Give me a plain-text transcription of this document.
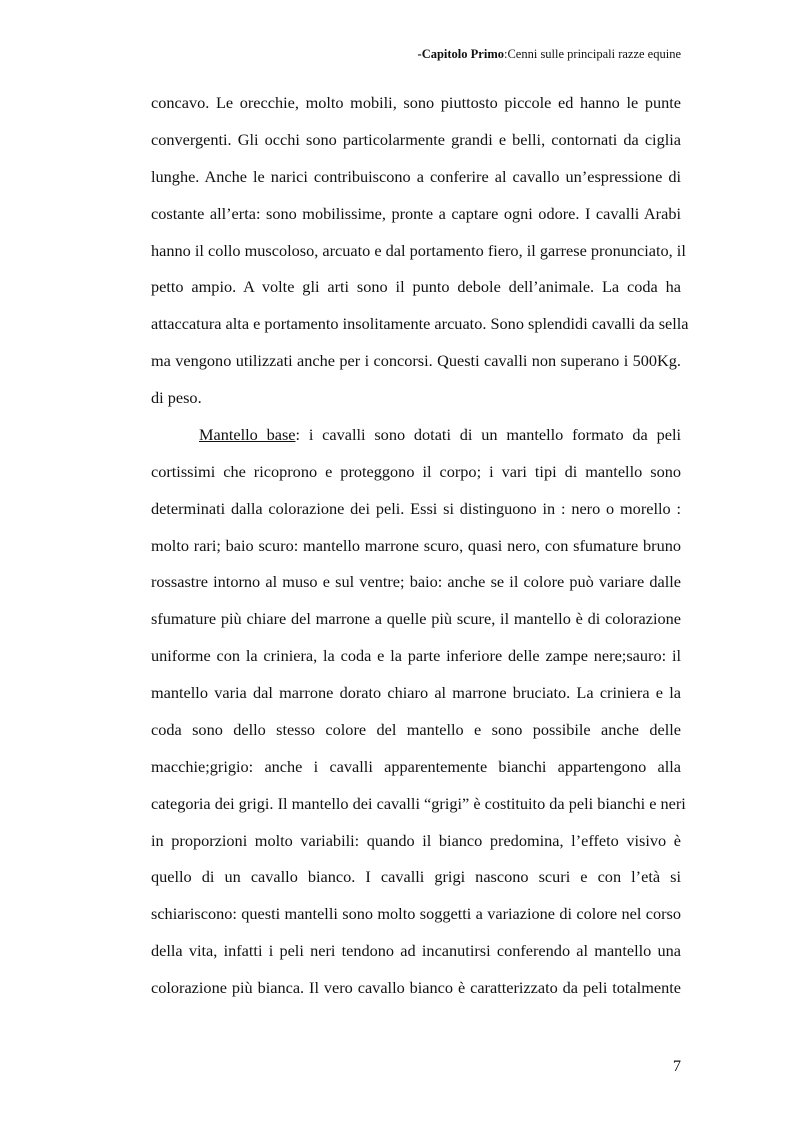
-Capitolo Primo:Cenni sulle principali razze equine
concavo. Le orecchie, molto mobili, sono piuttosto piccole ed hanno le punte
convergenti. Gli occhi sono particolarmente grandi e belli, contornati da ciglia
lunghe. Anche le narici contribuiscono a conferire al cavallo un’espressione di
costante all’erta: sono mobilissime, pronte a captare ogni odore. I cavalli Arabi
hanno il collo muscoloso, arcuato e dal portamento fiero, il garrese pronunciato, il
petto ampio. A volte gli arti sono il punto debole dell’animale. La coda ha
attaccatura alta e portamento insolitamente arcuato. Sono splendidi cavalli da sella
ma vengono utilizzati anche per i concorsi. Questi cavalli non superano i 500Kg.
di peso.
Mantello base: i cavalli sono dotati di un mantello formato da peli
cortissimi che ricoprono e proteggono il corpo; i vari tipi di mantello sono
determinati dalla colorazione dei peli. Essi si distinguono in : nero o morello :
molto rari; baio scuro: mantello marrone scuro, quasi nero, con sfumature bruno
rossastre intorno al muso e sul ventre; baio: anche se il colore può variare dalle
sfumature più chiare del marrone a quelle più scure, il mantello è di colorazione
uniforme con la criniera, la coda e la parte inferiore delle zampe nere;sauro: il
mantello varia dal marrone dorato chiaro al marrone bruciato. La criniera e la
coda sono dello stesso colore del mantello e sono possibile anche delle
macchie;grigio: anche i cavalli apparentemente bianchi appartengono alla
categoria dei grigi. Il mantello dei cavalli “grigi” è costituito da peli bianchi e neri
in proporzioni molto variabili: quando il bianco predomina, l’effeto visivo è
quello di un cavallo bianco. I cavalli grigi nascono scuri e con l’età si
schiariscono: questi mantelli sono molto soggetti a variazione di colore nel corso
della vita, infatti i peli neri tendono ad incanutirsi conferendo al mantello una
colorazione più bianca. Il vero cavallo bianco è caratterizzato da peli totalmente
7
